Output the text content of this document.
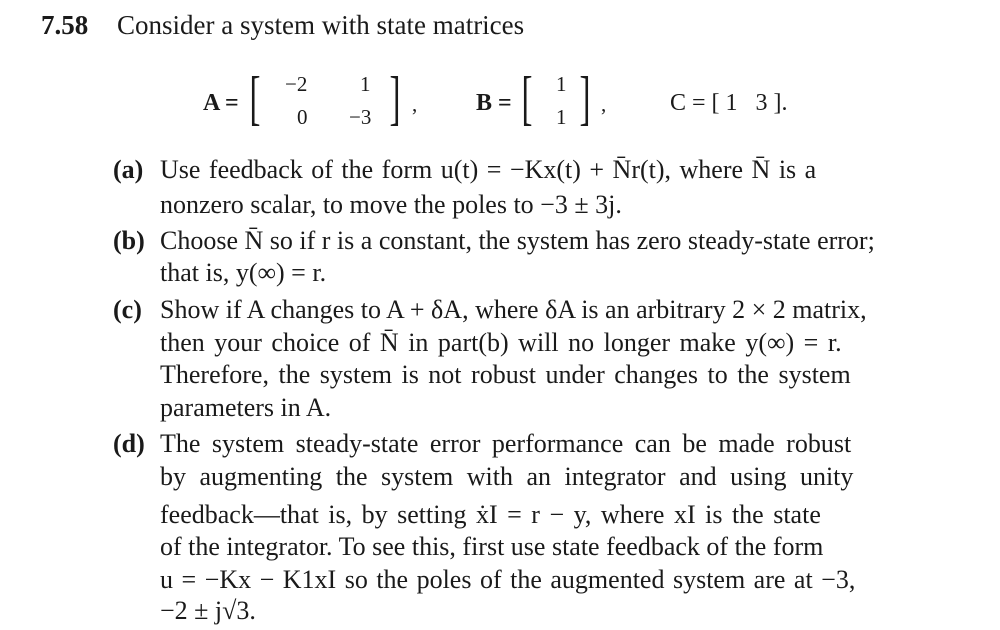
7.58 Consider a system with state matrices
A = [ ]
−2	1
0 −3
, B = [ ]
1
1
,	C = [ 1   3 ].
(a) Use feedback of the form u(t) = −Kx(t) + N̄r(t), where N̄ is a
nonzero scalar, to move the poles to −3 ± 3j.
(b) Choose N̄ so if r is a constant, the system has zero steady-state error;
that is, y(∞) = r.
(c) Show if A changes to A + δA, where δA is an arbitrary 2 × 2 matrix,
then your choice of N̄ in part(b) will no longer make y(∞) = r.
Therefore, the system is not robust under changes to the system
parameters in A.
(d) The system steady-state error performance can be made robust
by augmenting the system with an integrator and using unity
feedback—that is, by setting ẋI = r − y, where xI is the state
of the integrator. To see this, first use state feedback of the form
u = −Kx − K1xI so the poles of the augmented system are at −3,
−2 ± j√3.
